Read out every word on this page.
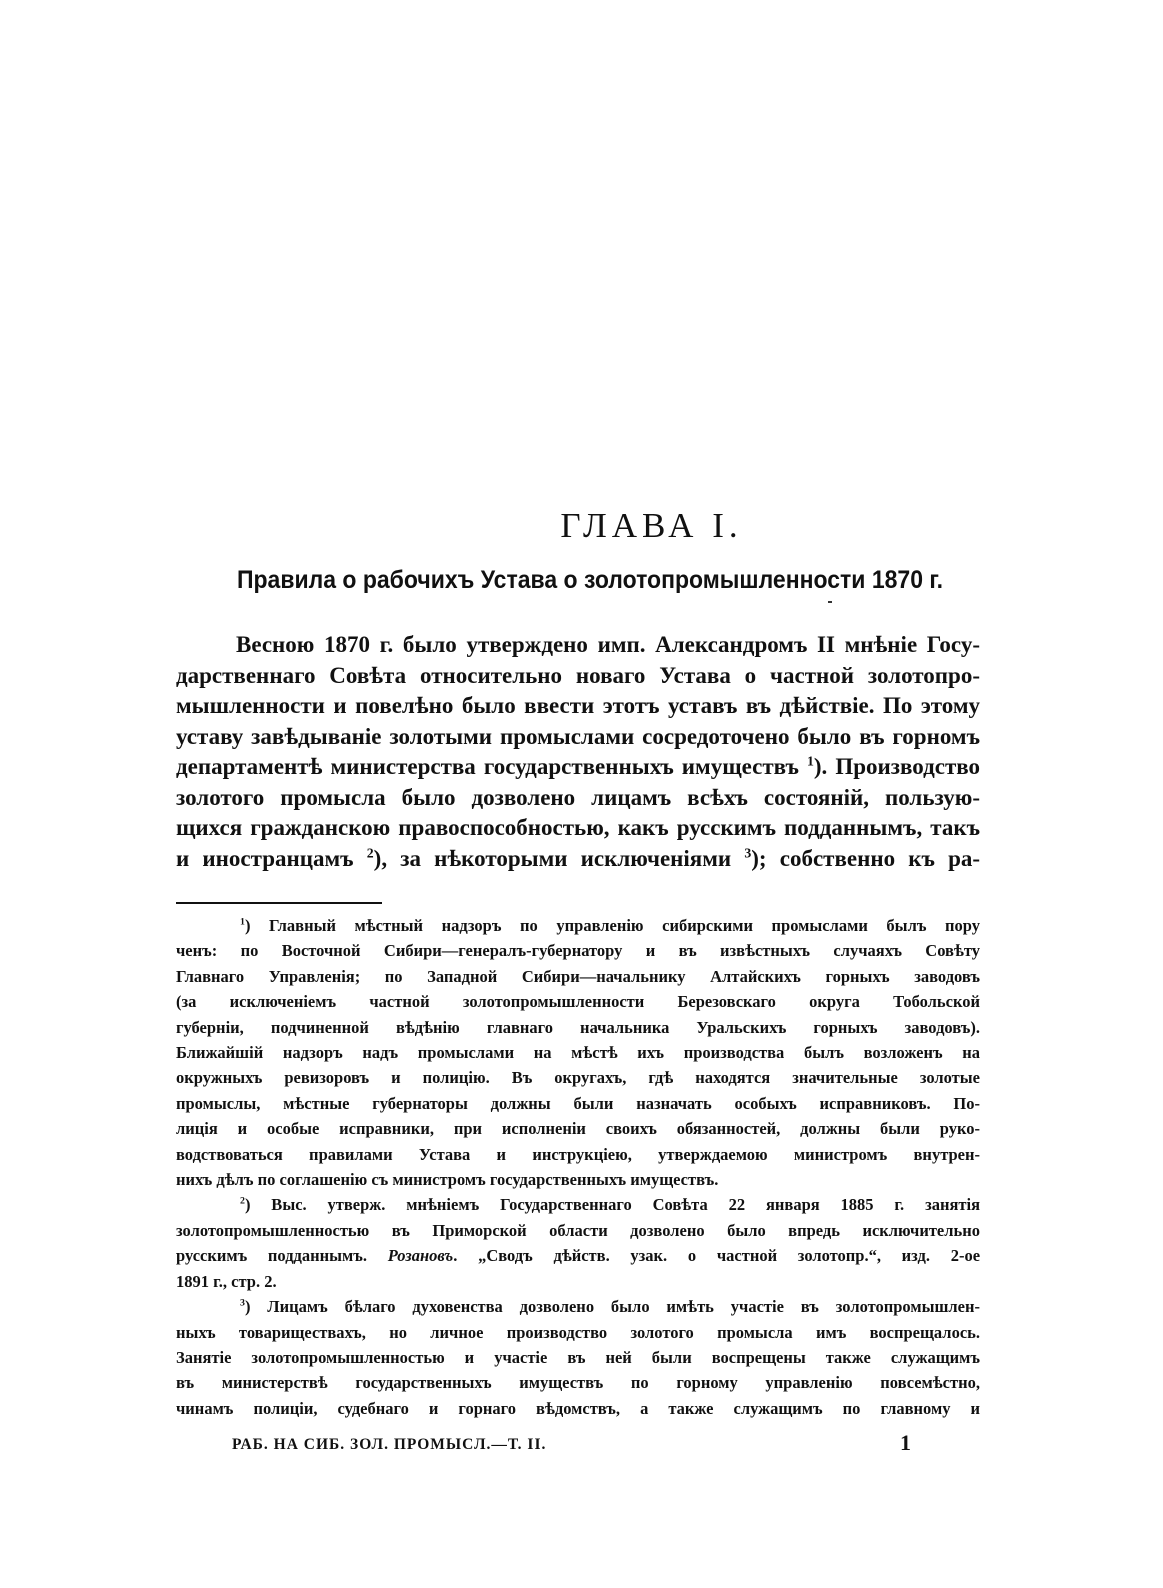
ГЛАВА I.
Правила о рабочихъ Устава о золотопромышленности 1870 г.
Весною 1870 г. было утверждено имп. Александромъ II мнѣніе Госу-
дарственнаго Совѣта относительно новаго Устава о частной золотопро-
мышленности и повелѣно было ввести этотъ уставъ въ дѣйствіе. По этому
уставу завѣдываніе золотыми промыслами сосредоточено было въ горномъ
департаментѣ министерства государственныхъ имуществъ $^1$). Производство
золотого промысла было дозволено лицамъ всѣхъ состояній, пользую-
щихся гражданскою правоспособностью, какъ русскимъ подданнымъ, такъ
и иностранцамъ $^2$), за нѣкоторыми исключеніями $^3$); собственно къ ра-
$^1$) Главный мѣстный надзоръ по управленію сибирскими промыслами былъ пору
ченъ: по Восточной Сибири—генералъ-губернатору и въ извѣстныхъ случаяхъ Совѣту
Главнаго Управленія; по Западной Сибири—начальнику Алтайскихъ горныхъ заводовъ
(за исключеніемъ частной золотопромышленности Березовскаго округа Тобольской
губерніи, подчиненной вѣдѣнію главнаго начальника Уральскихъ горныхъ заводовъ).
Ближайшій надзоръ надъ промыслами на мѣстѣ ихъ производства былъ возложенъ на
окружныхъ ревизоровъ и полицію. Въ округахъ, гдѣ находятся значительные золотые
промыслы, мѣстные губернаторы должны были назначать особыхъ исправниковъ. По-
лиція и особые исправники, при исполненіи своихъ обязанностей, должны были руко-
водствоваться правилами Устава и инструкціею, утверждаемою министромъ внутрен-
нихъ дѣлъ по соглашенію съ министромъ государственныхъ имуществъ.
$^2$) Выс. утверж. мнѣніемъ Государственнаго Совѣта 22 января 1885 г. занятія
золотопромышленностью въ Приморской области дозволено было впредь исключительно
русскимъ подданнымъ. Розановъ. „Сводъ дѣйств. узак. о частной золотопр.“, изд. 2-ое
1891 г., стр. 2.
$^3$) Лицамъ бѣлаго духовенства дозволено было имѣть участіе въ золотопромышлен-
ныхъ товариществахъ, но личное производство золотого промысла имъ воспрещалось.
Занятіе золотопромышленностью и участіе въ ней были воспрещены также служащимъ
въ министерствѣ государственныхъ имуществъ по горному управленію повсемѣстно,
чинамъ полиціи, судебнаго и горнаго вѣдомствъ, а также служащимъ по главному и
РАБ. НА СИБ. ЗОЛ. ПРОМЫСЛ.—Т. II.	1
